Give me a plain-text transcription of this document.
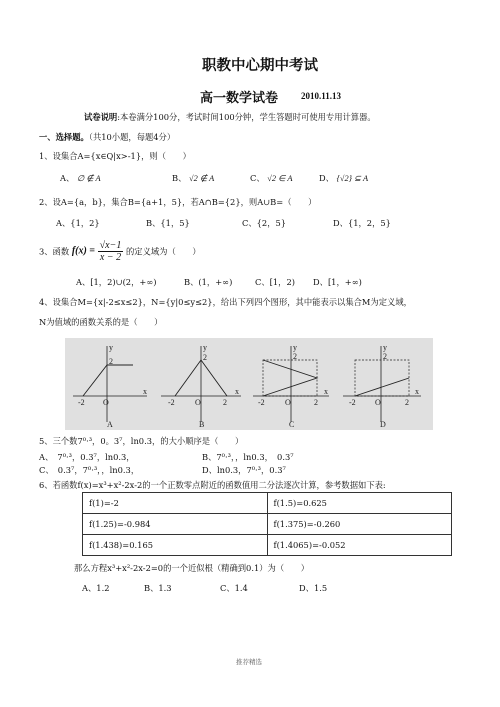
职教中心期中考试
高一数学试卷	2010.11.13
试卷说明:本卷满分100分，考试时间100分钟，学生答题时可使用专用计算器。
一、选择题。（共10小题，每题4分）
1、设集合A={x∈Q|x>-1}，则（　　）
A、 ∅ ∉ A	B、 √2 ∉ A	C、 √2 ∈ A	D、 {√2} ⊆ A
2、设A={a，b}，集合B={a+1，5}，若A∩B={2}，则A∪B=（　　）
A、{1，2}	B、{1，5}	C、{2，5}	D、{1，2，5}
3、函数 $f(x) = \frac{√x-1}{x - 2}$ 的定义域为（　　）
A、[1，2)∪(2，+∞)	B、(1，+∞)	C、[1，2) D、[1，+∞)
4、设集合M={x|-2≤x≤2}，N={y|0≤y≤2}，给出下列四个图形，其中能表示以集合M为定义域，
N为值域的函数关系的是（　　）
y
x
-2 O
2
A
y
x
-2	O
2
2
B
y
x
-2	O
2
2
C
y
x
-2 O
2
2
D
5、三个数7⁰·³，0。3⁷，ln0.3，的大小顺序是（　　）
A、　7⁰·³，0.3⁷，ln0.3，	B、7⁰·³，，ln0.3，　0.3⁷
C、　0.3⁷，7⁰·³，，ln0.3，	D、ln0.3，7⁰·³，0.3⁷
6、若函数f(x)=x³+x²-2x-2的一个正数零点附近的函数值用二分法逐次计算，参考数据如下表:
f(1)=-2	f(1.5)=0.625
f(1.25)=-0.984	f(1.375)=-0.260
f(1.438)=0.165	f(1.4065)=-0.052
那么方程x³+x²-2x-2=0的一个近似根（精确到0.1）为（　　）
A、1.2	B、1.3	C、1.4	D、1.5
推荐精选
